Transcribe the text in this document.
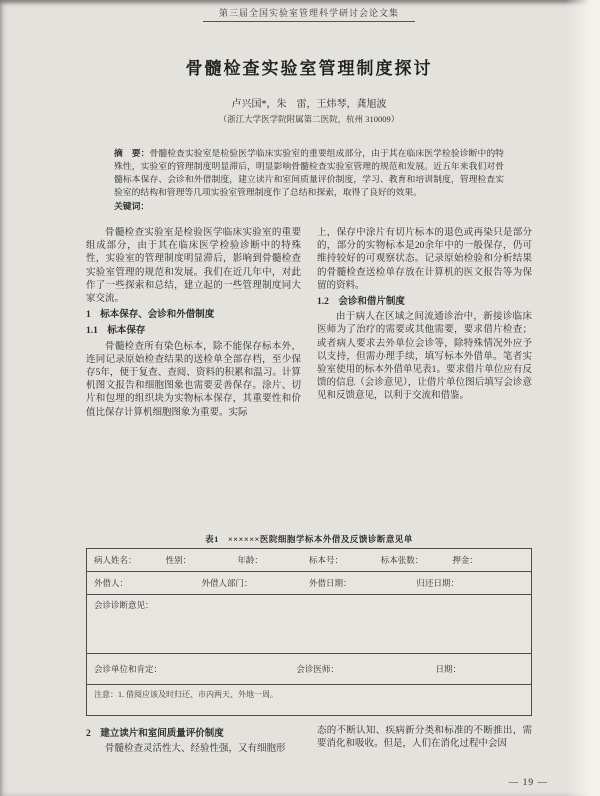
第三届全国实验室管理科学研讨会论文集
骨髓检查实验室管理制度探讨
卢兴国*，朱　雷，王炜琴，龚旭波
（浙江大学医学院附属第二医院，杭州 310009）

摘　要：骨髓检查实验室是检验医学临床实验室的重要组成部分，由于其在临床医学检验诊断中的特殊性，实验室的管理制度明显滞后，明显影响骨髓检查实验室管理的规范和发展。近五年来我们对骨髓标本保存、会诊和外借制度，建立读片和室间质量评价制度，学习、教育和培训制度，管理检查实验室的结构和管理等几项实验室管理制度作了总结和探索，取得了良好的效果。

关键词：

骨髓检查实验室是检验医学临床实验室的重要组成部分，由于其在临床医学检验诊断中的特殊性，实验室的管理制度明显滞后，影响到骨髓检查实验室管理的规范和发展。我们在近几年中，对此作了一些探索和总结，建立起的一些管理制度同大家交流。

1　标本保存、会诊和外借制度

1.1　标本保存

骨髓检查所有染色标本，除不能保存标本外，连同记录原始检查结果的送检单全部存档，至少保存5年，便于复查、查阅、资料的积累和温习。计算机图文报告和细胞图象也需要妥善保存。涂片、切片和包埋的组织块为实物标本保存，其重要性和价值比保存计算机细胞图象为重要。实际

上，保存中涂片有切片标本的退色或再染只是部分的，部分的实物标本是20余年中的一般保存，仍可维持较好的可观察状态。记录原始检验和分析结果的骨髓检查送检单存放在计算机的医文报告等为保留的资料。

1.2　会诊和借片制度

由于病人在区域之间流通诊治中，新接诊临床医师为了治疗的需要或其他需要，要求借片检查；或者病人要求去外单位会诊等，除特殊情况外应予以支持，但需办理手续，填写标本外借单。笔者实验室使用的标本外借单见表1。要求借片单位应有反馈的信息（会诊意见），让借片单位图后填写会诊意见和反馈意见，以利于交流和借鉴。

表1　××××××医院细胞学标本外借及反馈诊断意见单
病人姓名：	性别：	年龄：	标本号：	标本张数：	押金：
外借人：	外借人部门：	外借日期：	归还日期：
会诊诊断意见：
会诊单位和肯定：	会诊医师：	日期：
注意：1. 借阅应该及时归还、市内两天、外地一周。

2　建立读片和室间质量评价制度

骨髓检查灵活性大、经验性强，又有细胞形

态的不断认知、疾病新分类和标准的不断推出，需要消化和吸收。但是，人们在消化过程中会因

— 19 —
